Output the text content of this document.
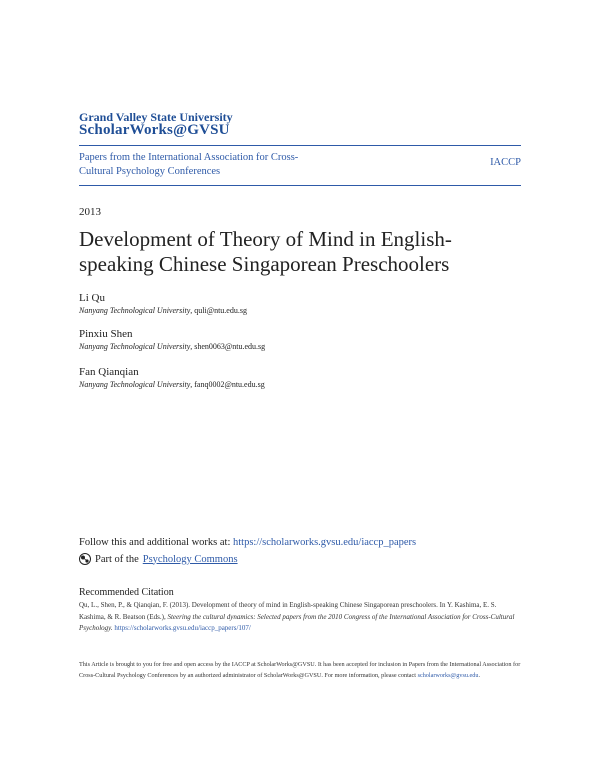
Grand Valley State University
ScholarWorks@GVSU
Papers from the International Association for Cross-
Cultural Psychology Conferences
IACCP
2013
Development of Theory of Mind in English-
speaking Chinese Singaporean Preschoolers
Li Qu
Nanyang Technological University, quli@ntu.edu.sg
Pinxiu Shen
Nanyang Technological University, shen0063@ntu.edu.sg
Fan Qianqian
Nanyang Technological University, fanq0002@ntu.edu.sg
Follow this and additional works at: https://scholarworks.gvsu.edu/iaccp_papers
Part of the Psychology Commons
Recommended Citation
Qu, L., Shen, P., & Qianqian, F. (2013). Development of theory of mind in English-speaking Chinese Singaporean preschoolers. In Y. Kashima, E. S. Kashima, & R. Beatson (Eds.), Steering the cultural dynamics: Selected papers from the 2010 Congress of the International Association for Cross-Cultural Psychology. https://scholarworks.gvsu.edu/iaccp_papers/107/
This Article is brought to you for free and open access by the IACCP at ScholarWorks@GVSU. It has been accepted for inclusion in Papers from the International Association for Cross-Cultural Psychology Conferences by an authorized administrator of ScholarWorks@GVSU. For more information, please contact scholarworks@gvsu.edu.
